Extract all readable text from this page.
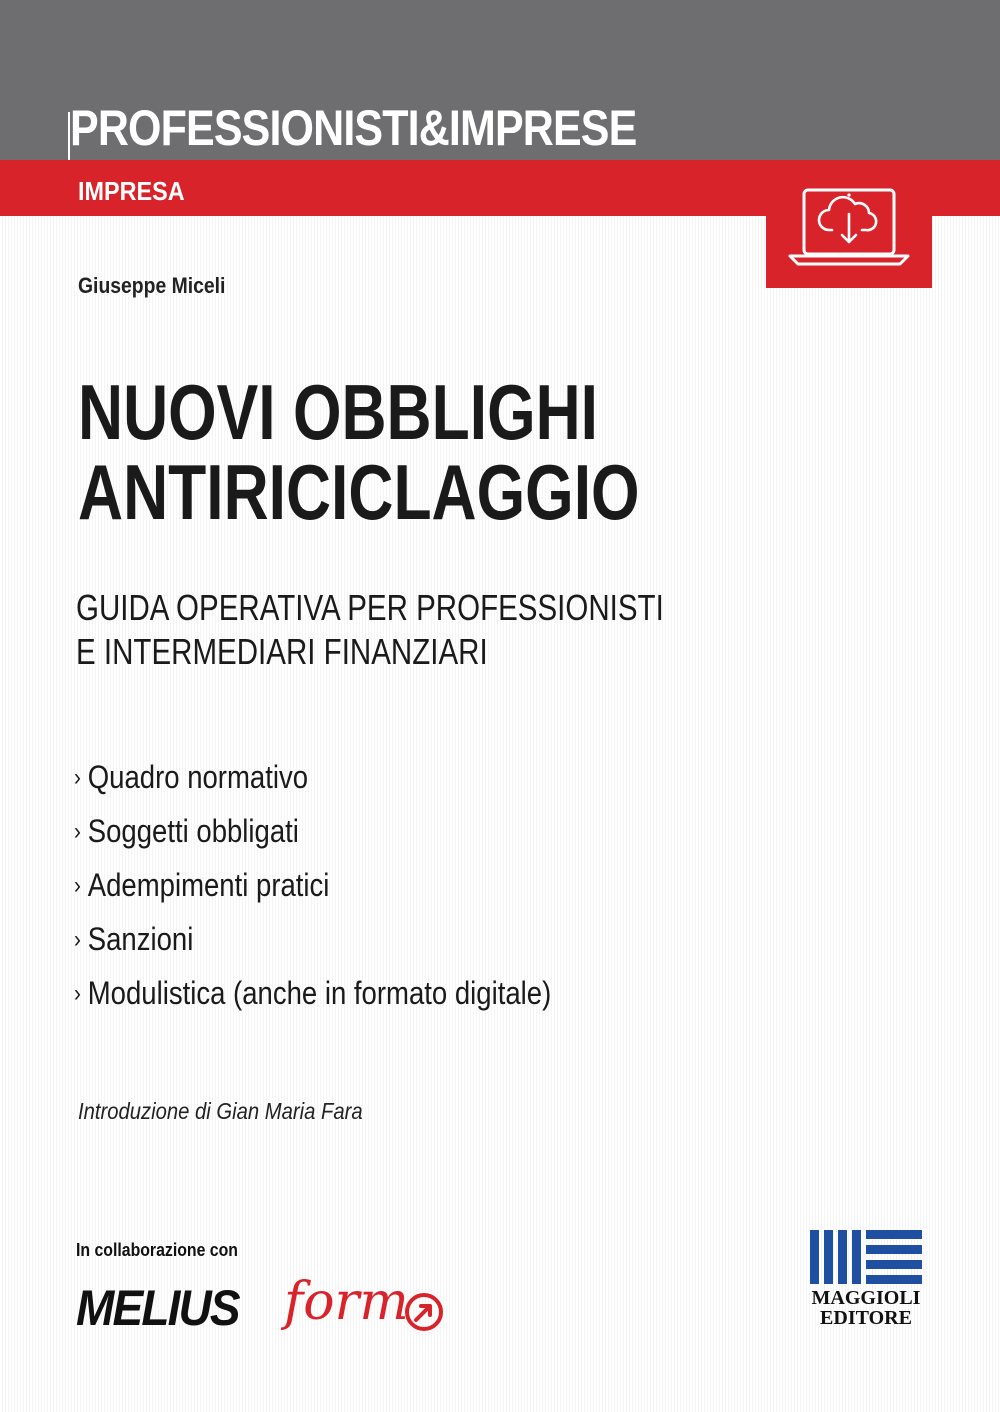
PROFESSIONISTI&IMPRESE
IMPRESA
Giuseppe Miceli
NUOVI OBBLIGHI
ANTIRICICLAGGIO
GUIDA OPERATIVA PER PROFESSIONISTI
E INTERMEDIARI FINANZIARI
› Quadro normativo
› Soggetti obbligati
› Adempimenti pratici
› Sanzioni
› Modulistica (anche in formato digitale)
Introduzione di Gian Maria Fara
In collaborazione con
MELIUS form	MAGGIOLI
EDITORE
